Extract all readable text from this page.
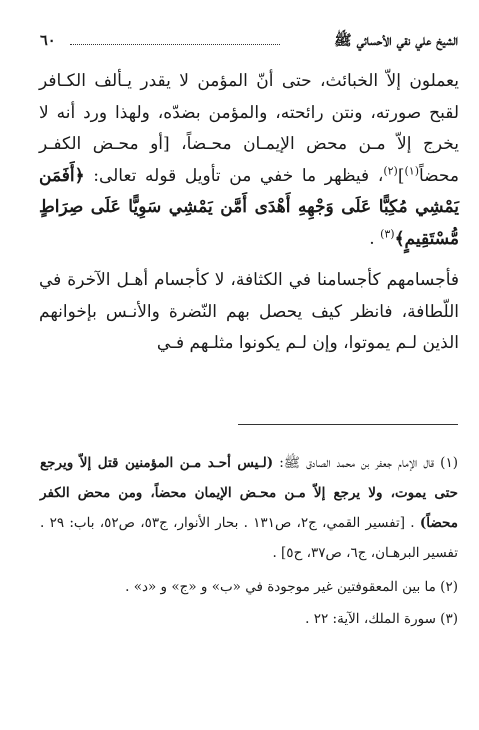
الشيخ علي نقي الأحسائي ﷺ
٦٠

يعملون إلاّ الخبائث، حتى أنّ المؤمن لا يقدر يـألف الكـافر لقبح صورته، ونتن رائحته، والمؤمن بضدّه، ولهذا ورد أنه لا يخرج إلاّ مـن محض الإيمـان محـضاً، [أو محـض الكفـر محضاً$^{(١)}$]$^{(٢)}$، فيظهر ما خفي من تأويل قوله تعالى: ﴿أَفَمَن يَمْشِي مُكِبًّا عَلَى وَجْهِهِ أَهْدَى أَمَّن يَمْشِي سَوِيًّا عَلَى صِرَاطٍ مُّسْتَقِيمٍ﴾$^{(٣)}$ .

فأجسامهم كأجسامنا في الكثافة، لا كأجسام أهـل الآخرة في اللّطافة، فانظر كيف يحصل بهم النّضرة والأنـس بإخوانهم الذين لـم يموتوا، وإن لـم يكونوا مثلـهم فـي

(١) قال الإمام جعفر بن محمد الصادق ﷺ: (لـيس أحـد مـن المؤمنين قتل إلاّ ويرجع حتى يموت، ولا يرجع إلاّ مـن محـض الإيمان محضاً، ومن محض الكفر محضاً) . [تفسير القمي، ج٢، ص١٣١ . بحار الأنوار، ج٥٣، ص٥٢، باب: ٢٩ . تفسير البرهـان، ج٦، ص٣٧، ح٥] .

(٢) ما بين المعقوفتين غير موجودة في «ب» و «ج» و «د» .

(٣) سورة الملك، الآية: ٢٢ .
